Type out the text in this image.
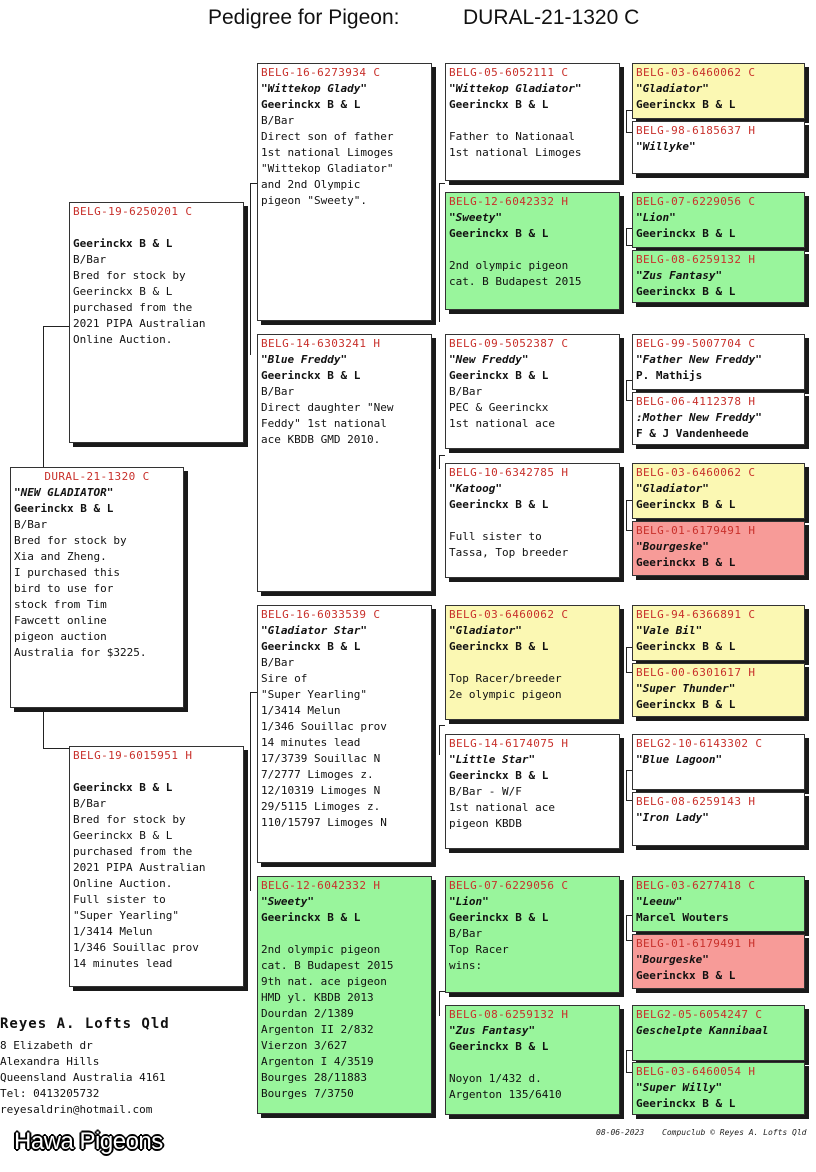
Pedigree for Pigeon:	DURAL-21-1320 C
DURAL-21-1320 C
"NEW GLADIATOR"
Geerinckx B & L
B/Bar
Bred for stock by
Xia and Zheng.
I purchased this
bird to use for
stock from Tim
Fawcett online
pigeon auction
Australia for $3225.
BELG-19-6250201 C
Geerinckx B & L
B/Bar
Bred for stock by
Geerinckx B & L
purchased from the
2021 PIPA Australian
Online Auction.
BELG-19-6015951 H
Geerinckx B & L
B/Bar
Bred for stock by
Geerinckx B & L
purchased from the
2021 PIPA Australian
Online Auction.
Full sister to
"Super Yearling"
1/3414 Melun
1/346 Souillac prov
14 minutes lead
BELG-16-6273934 C
"Wittekop Glady"
Geerinckx B & L
B/Bar
Direct son of father
1st national Limoges
"Wittekop Gladiator"
and 2nd Olympic
pigeon "Sweety".
BELG-14-6303241 H
"Blue Freddy"
Geerinckx B & L
B/Bar
Direct daughter "New
Feddy" 1st national
ace KBDB GMD 2010.
BELG-16-6033539 C
"Gladiator Star"
Geerinckx B & L
B/Bar
Sire of
"Super Yearling"
1/3414 Melun
1/346 Souillac prov
14 minutes lead
17/3739 Souillac N
7/2777 Limoges z.
12/10319 Limoges N
29/5115 Limoges z.
110/15797 Limoges N
BELG-12-6042332 H
"Sweety"
Geerinckx B & L
2nd olympic pigeon
cat. B Budapest 2015
9th nat. ace pigeon
HMD yl. KBDB 2013
Dourdan 2/1389
Argenton II 2/832
Vierzon 3/627
Argenton I 4/3519
Bourges 28/11883
Bourges 7/3750
BELG-05-6052111 C
"Wittekop Gladiator"
Geerinckx B & L
Father to Nationaal
1st national Limoges
BELG-12-6042332 H
"Sweety"
Geerinckx B & L
2nd olympic pigeon
cat. B Budapest 2015
BELG-09-5052387 C
"New Freddy"
Geerinckx B & L
B/Bar
PEC & Geerinckx
1st national ace
BELG-10-6342785 H
"Katoog"
Geerinckx B & L
Full sister to
Tassa, Top breeder
BELG-03-6460062 C
"Gladiator"
Geerinckx B & L
Top Racer/breeder
2e olympic pigeon
BELG-14-6174075 H
"Little Star"
Geerinckx B & L
B/Bar - W/F
1st national ace
pigeon KBDB
BELG-07-6229056 C
"Lion"
Geerinckx B & L
B/Bar
Top Racer
wins:
BELG-08-6259132 H
"Zus Fantasy"
Geerinckx B & L
Noyon 1/432 d.
Argenton 135/6410
BELG-03-6460062 C
"Gladiator"
Geerinckx B & L
BELG-98-6185637 H
"Willyke"
BELG-07-6229056 C
"Lion"
Geerinckx B & L
BELG-08-6259132 H
"Zus Fantasy"
Geerinckx B & L
BELG-99-5007704 C
"Father New Freddy"
P. Mathijs
BELG-06-4112378 H
:Mother New Freddy"
F & J Vandenheede
BELG-03-6460062 C
"Gladiator"
Geerinckx B & L
BELG-01-6179491 H
"Bourgeske"
Geerinckx B & L
BELG-94-6366891 C
"Vale Bil"
Geerinckx B & L
BELG-00-6301617 H
"Super Thunder"
Geerinckx B & L
BELG2-10-6143302 C
"Blue Lagoon"
BELG-08-6259143 H
"Iron Lady"
BELG-03-6277418 C
"Leeuw"
Marcel Wouters
BELG-01-6179491 H
"Bourgeske"
Geerinckx B & L
BELG2-05-6054247 C
Geschelpte Kannibaal
BELG-03-6460054 H
"Super Willy"
Geerinckx B & L
Reyes A. Lofts Qld
8 Elizabeth dr
Alexandra Hills
Queensland Australia 4161
Tel: 0413205732
reyesaldrin@hotmail.com
Hawa Pigeons	08-06-2023 Compuclub © Reyes A. Lofts Qld
